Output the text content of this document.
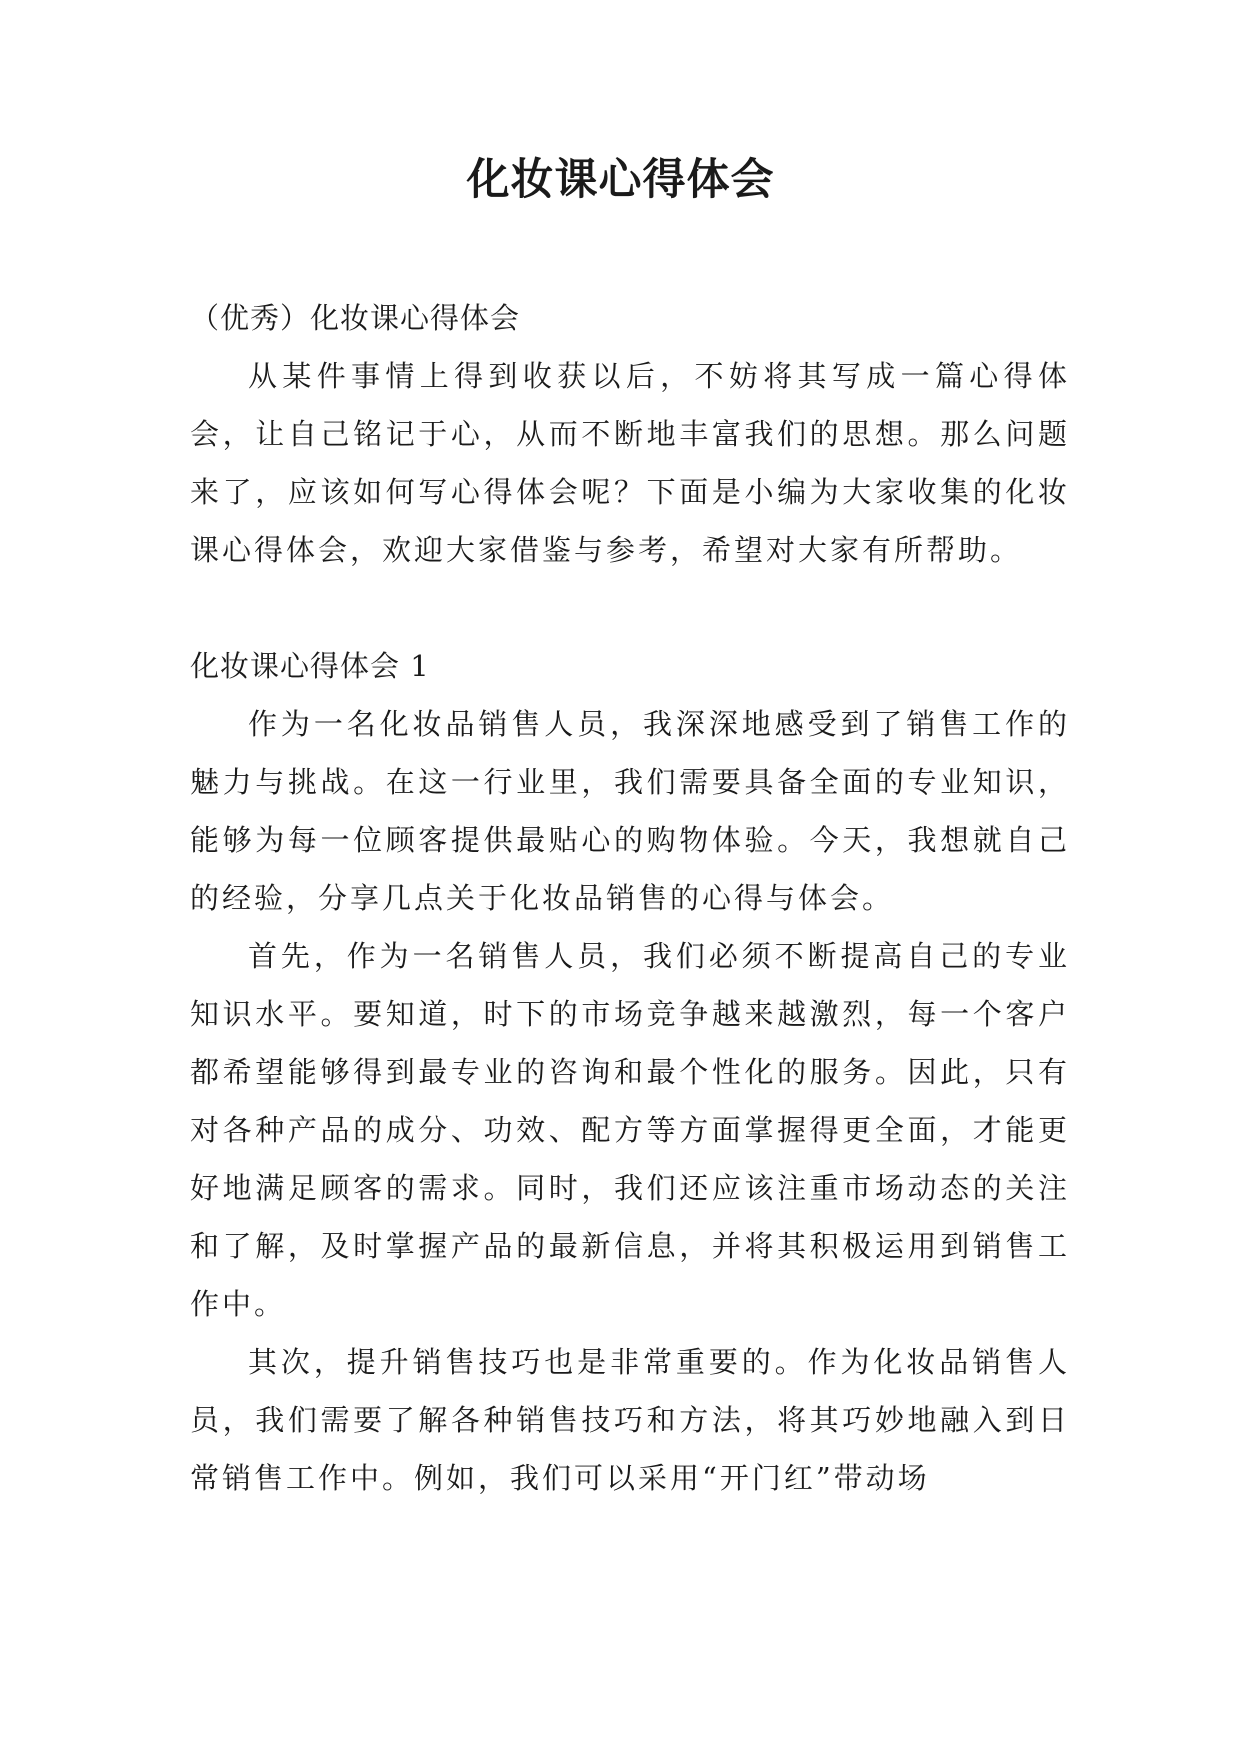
化妆课心得体会

（优秀）化妆课心得体会

从某件事情上得到收获以后，不妨将其写成一篇心得体会，让自己铭记于心，从而不断地丰富我们的思想。那么问题来了，应该如何写心得体会呢？下面是小编为大家收集的化妆课心得体会，欢迎大家借鉴与参考，希望对大家有所帮助。

化妆课心得体会 1

作为一名化妆品销售人员，我深深地感受到了销售工作的魅力与挑战。在这一行业里，我们需要具备全面的专业知识，能够为每一位顾客提供最贴心的购物体验。今天，我想就自己的经验，分享几点关于化妆品销售的心得与体会。

首先，作为一名销售人员，我们必须不断提高自己的专业知识水平。要知道，时下的市场竞争越来越激烈，每一个客户都希望能够得到最专业的咨询和最个性化的服务。因此，只有对各种产品的成分、功效、配方等方面掌握得更全面，才能更好地满足顾客的需求。同时，我们还应该注重市场动态的关注和了解，及时掌握产品的最新信息，并将其积极运用到销售工作中。

其次，提升销售技巧也是非常重要的。作为化妆品销售人员，我们需要了解各种销售技巧和方法，将其巧妙地融入到日常销售工作中。例如，我们可以采用“开门红”带动场
